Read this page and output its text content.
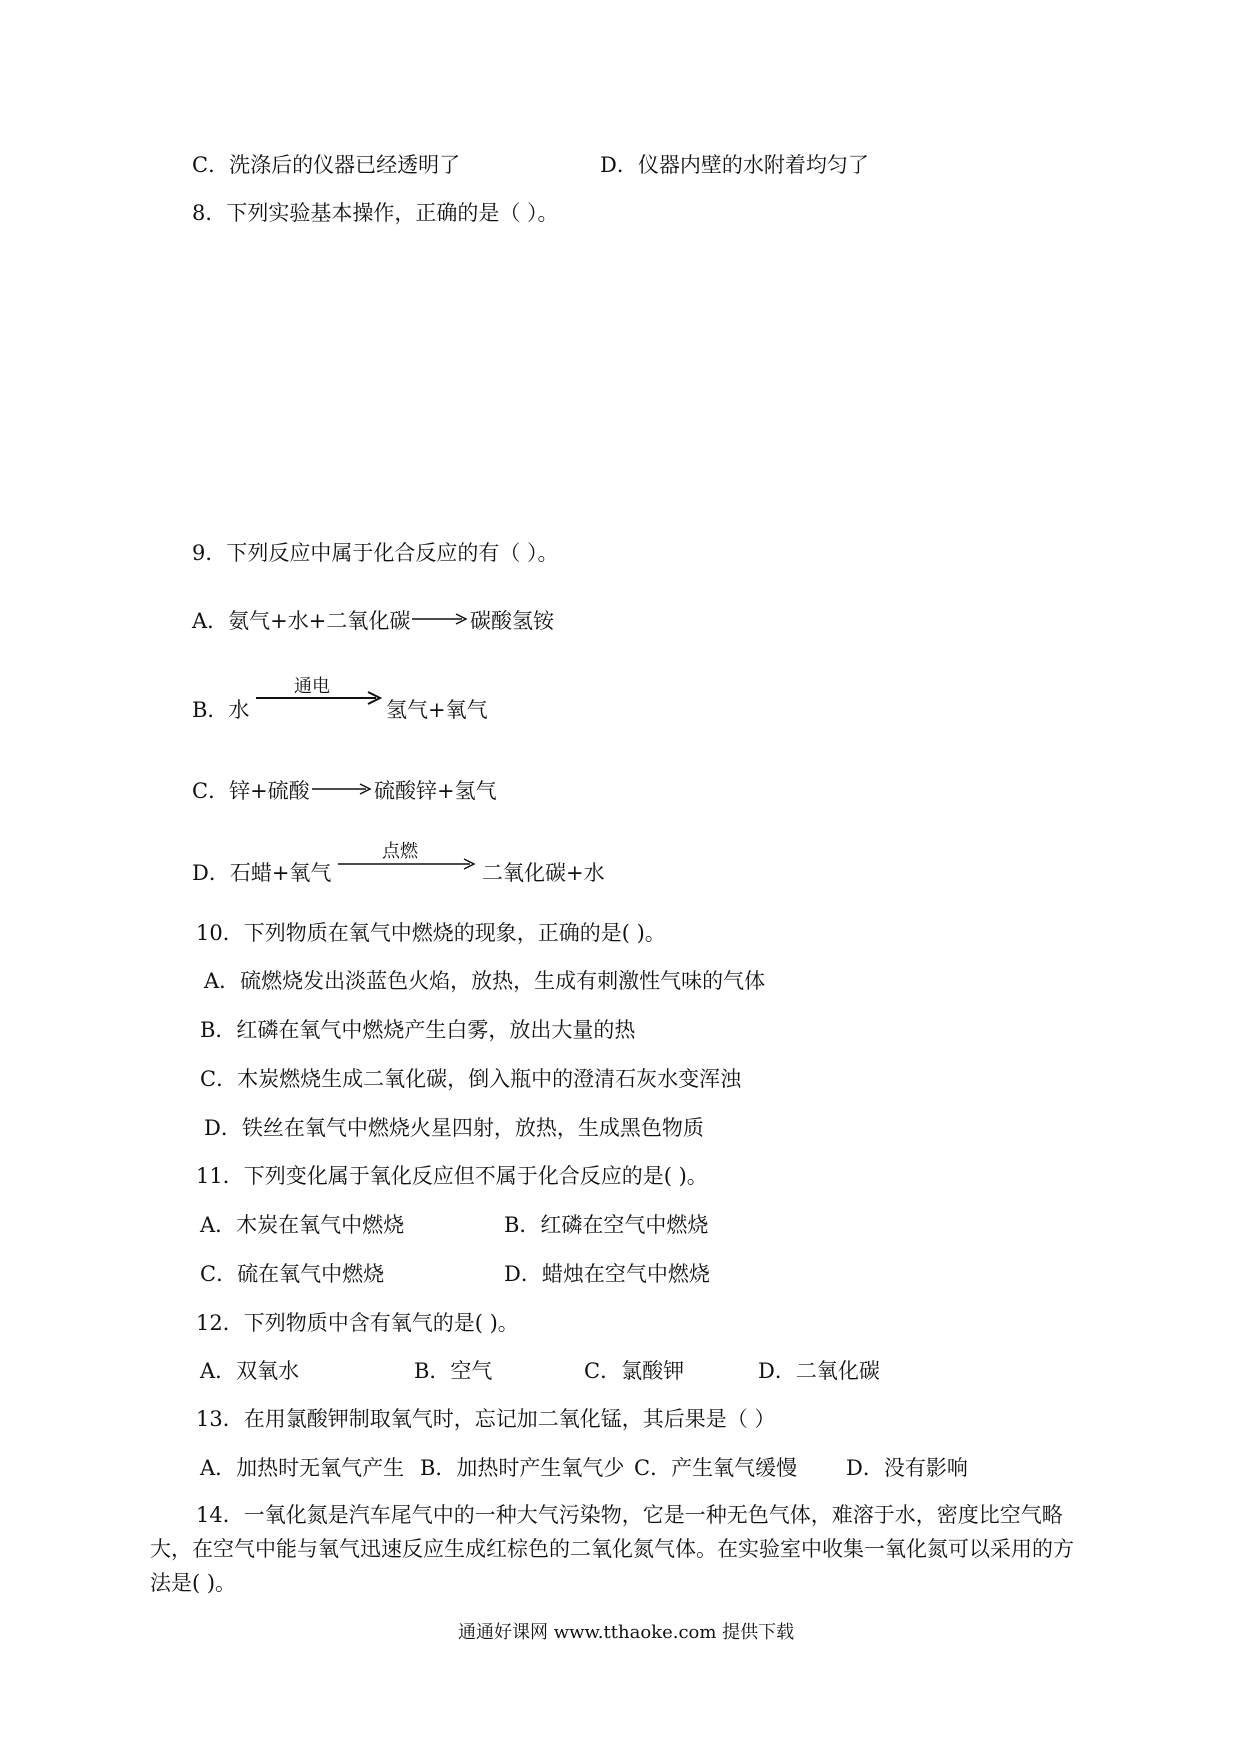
C．洗涤后的仪器已经透明了	D．仪器内壁的水附着均匀了
8．下列实验基本操作，正确的是（ ）。
9．下列反应中属于化合反应的有（ ）。
A．氨气+水+二氧化碳	碳酸氢铵
B．水
通电
氢气+氧气
C．锌+硫酸	硫酸锌+氢气
D．石蜡+氧气
点燃
二氧化碳+水
10．下列物质在氧气中燃烧的现象，正确的是( )。
A．硫燃烧发出淡蓝色火焰，放热，生成有刺激性气味的气体
B．红磷在氧气中燃烧产生白雾，放出大量的热
C．木炭燃烧生成二氧化碳，倒入瓶中的澄清石灰水变浑浊
D．铁丝在氧气中燃烧火星四射，放热，生成黑色物质
11．下列变化属于氧化反应但不属于化合反应的是( )。
A．木炭在氧气中燃烧	B．红磷在空气中燃烧
C．硫在氧气中燃烧	D．蜡烛在空气中燃烧
12．下列物质中含有氧气的是( )。
A．双氧水	B．空气	C．氯酸钾	D．二氧化碳
13．在用氯酸钾制取氧气时，忘记加二氧化锰，其后果是（ ）
A．加热时无氧气产生 B．加热时产生氧气少 C．产生氧气缓慢 D．没有影响
14．一氧化氮是汽车尾气中的一种大气污染物，它是一种无色气体，难溶于水，密度比空气略大，在空气中能与氧气迅速反应生成红棕色的二氧化氮气体。在实验室中收集一氧化氮可以采用的方法是( )。
通通好课网 www.tthaoke.com 提供下载
